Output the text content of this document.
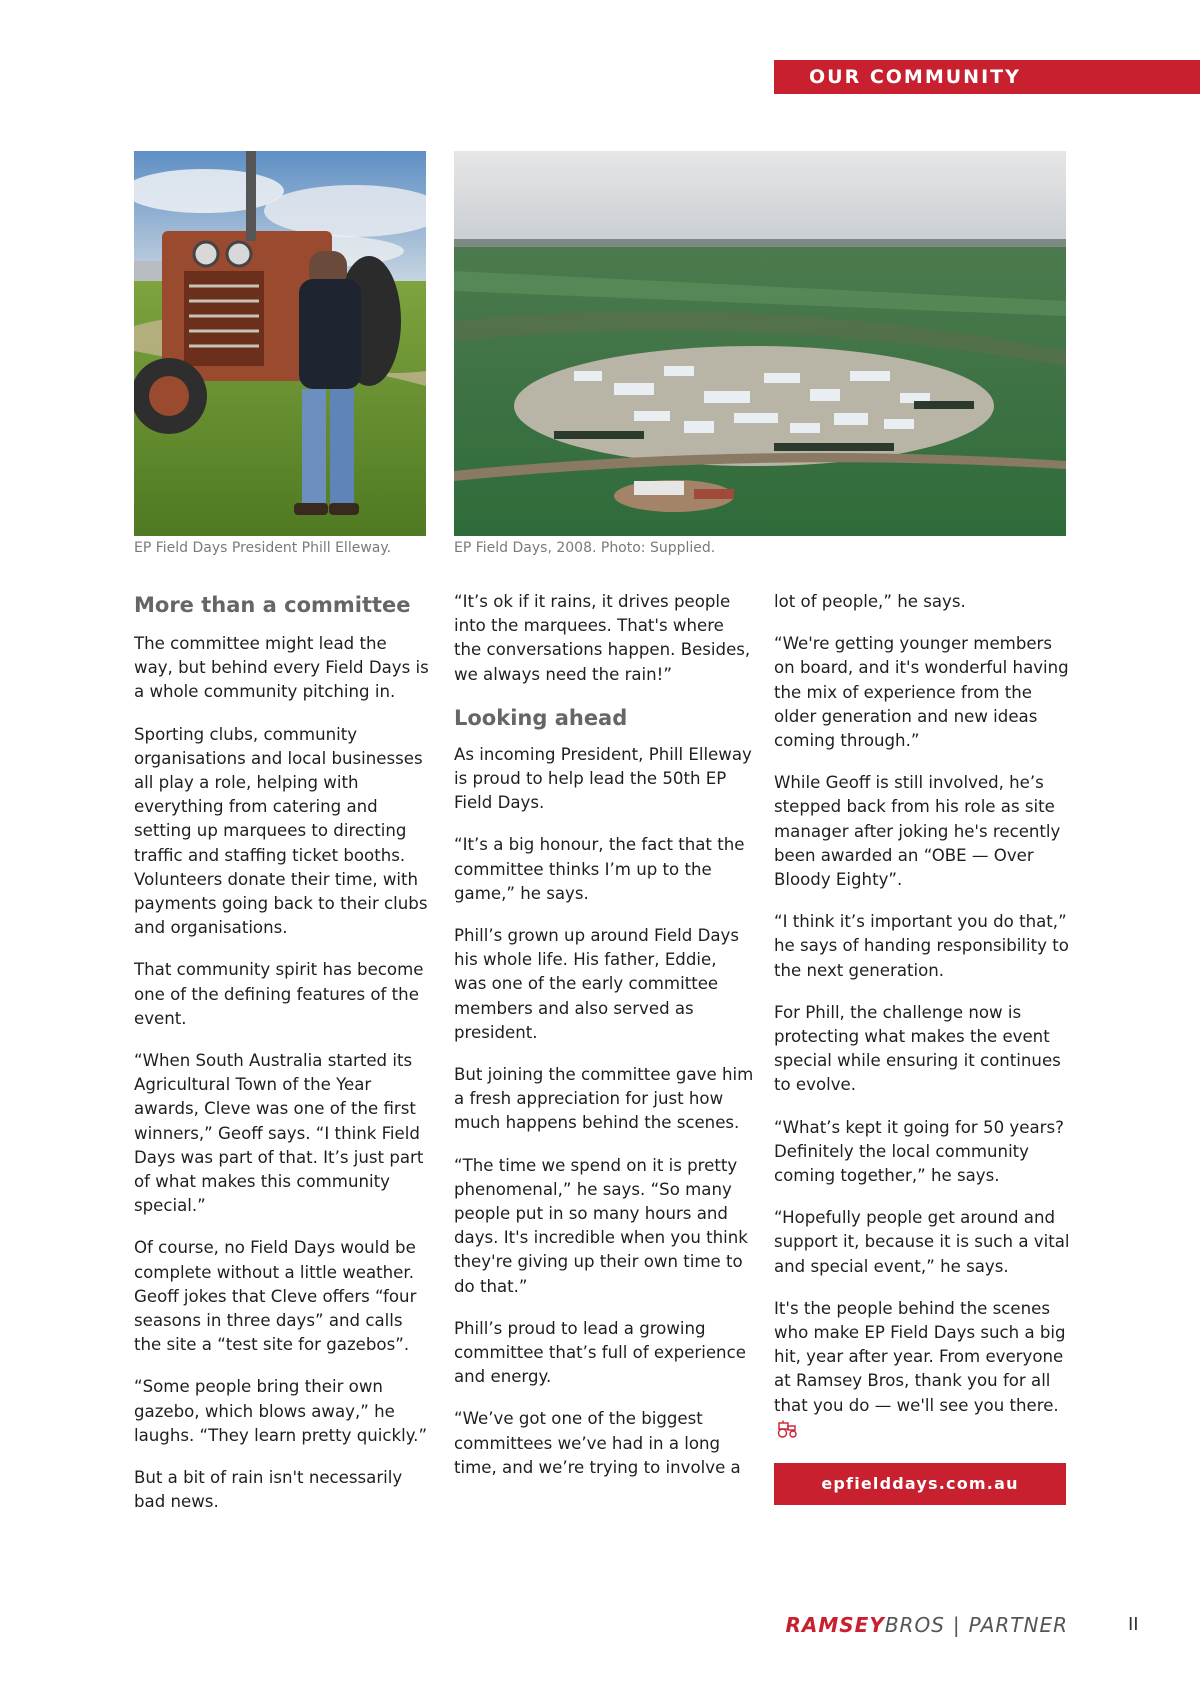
OUR COMMUNITY
EP Field Days President Phill Elleway.	EP Field Days, 2008. Photo: Supplied.
More than a committee

The committee might lead the way, but behind every Field Days is a whole community pitching in.

Sporting clubs, community organisations and local businesses all play a role, helping with everything from catering and setting up marquees to directing traffic and staffing ticket booths. Volunteers donate their time, with payments going back to their clubs and organisations.

That community spirit has become one of the defining features of the event.

“When South Australia started its Agricultural Town of the Year awards, Cleve was one of the first winners,” Geoff says. “I think Field Days was part of that. It’s just part of what makes this community special.”

Of course, no Field Days would be complete without a little weather. Geoff jokes that Cleve offers “four seasons in three days” and calls the site a “test site for gazebos”.

“Some people bring their own gazebo, which blows away,” he laughs. “They learn pretty quickly.”

But a bit of rain isn't necessarily bad news.

“It’s ok if it rains, it drives people into the marquees. That's where the conversations happen. Besides, we always need the rain!”

Looking ahead

As incoming President, Phill Elleway is proud to help lead the 50th EP Field Days.

“It’s a big honour, the fact that the committee thinks I’m up to the game,” he says.

Phill’s grown up around Field Days his whole life. His father, Eddie, was one of the early committee members and also served as president.

But joining the committee gave him a fresh appreciation for just how much happens behind the scenes.

“The time we spend on it is pretty phenomenal,” he says. “So many people put in so many hours and days. It's incredible when you think they're giving up their own time to do that.”

Phill’s proud to lead a growing committee that’s full of experience and energy.

“We’ve got one of the biggest committees we’ve had in a long time, and we’re trying to involve a

lot of people,” he says.

“We're getting younger members on board, and it's wonderful having the mix of experience from the older generation and new ideas coming through.”

While Geoff is still involved, he’s stepped back from his role as site manager after joking he's recently been awarded an “OBE — Over Bloody Eighty”.

“I think it’s important you do that,” he says of handing responsibility to the next generation.

For Phill, the challenge now is protecting what makes the event special while ensuring it continues to evolve.

“What’s kept it going for 50 years? Definitely the local community coming together,” he says.

“Hopefully people get around and support it, because it is such a vital and special event,” he says.

It's the people behind the scenes who make EP Field Days such a big hit, year after year. From everyone at Ramsey Bros, thank you for all that you do — we'll see you there.

epfielddays.com.au
RAMSEYBROS | PARTNER	II
